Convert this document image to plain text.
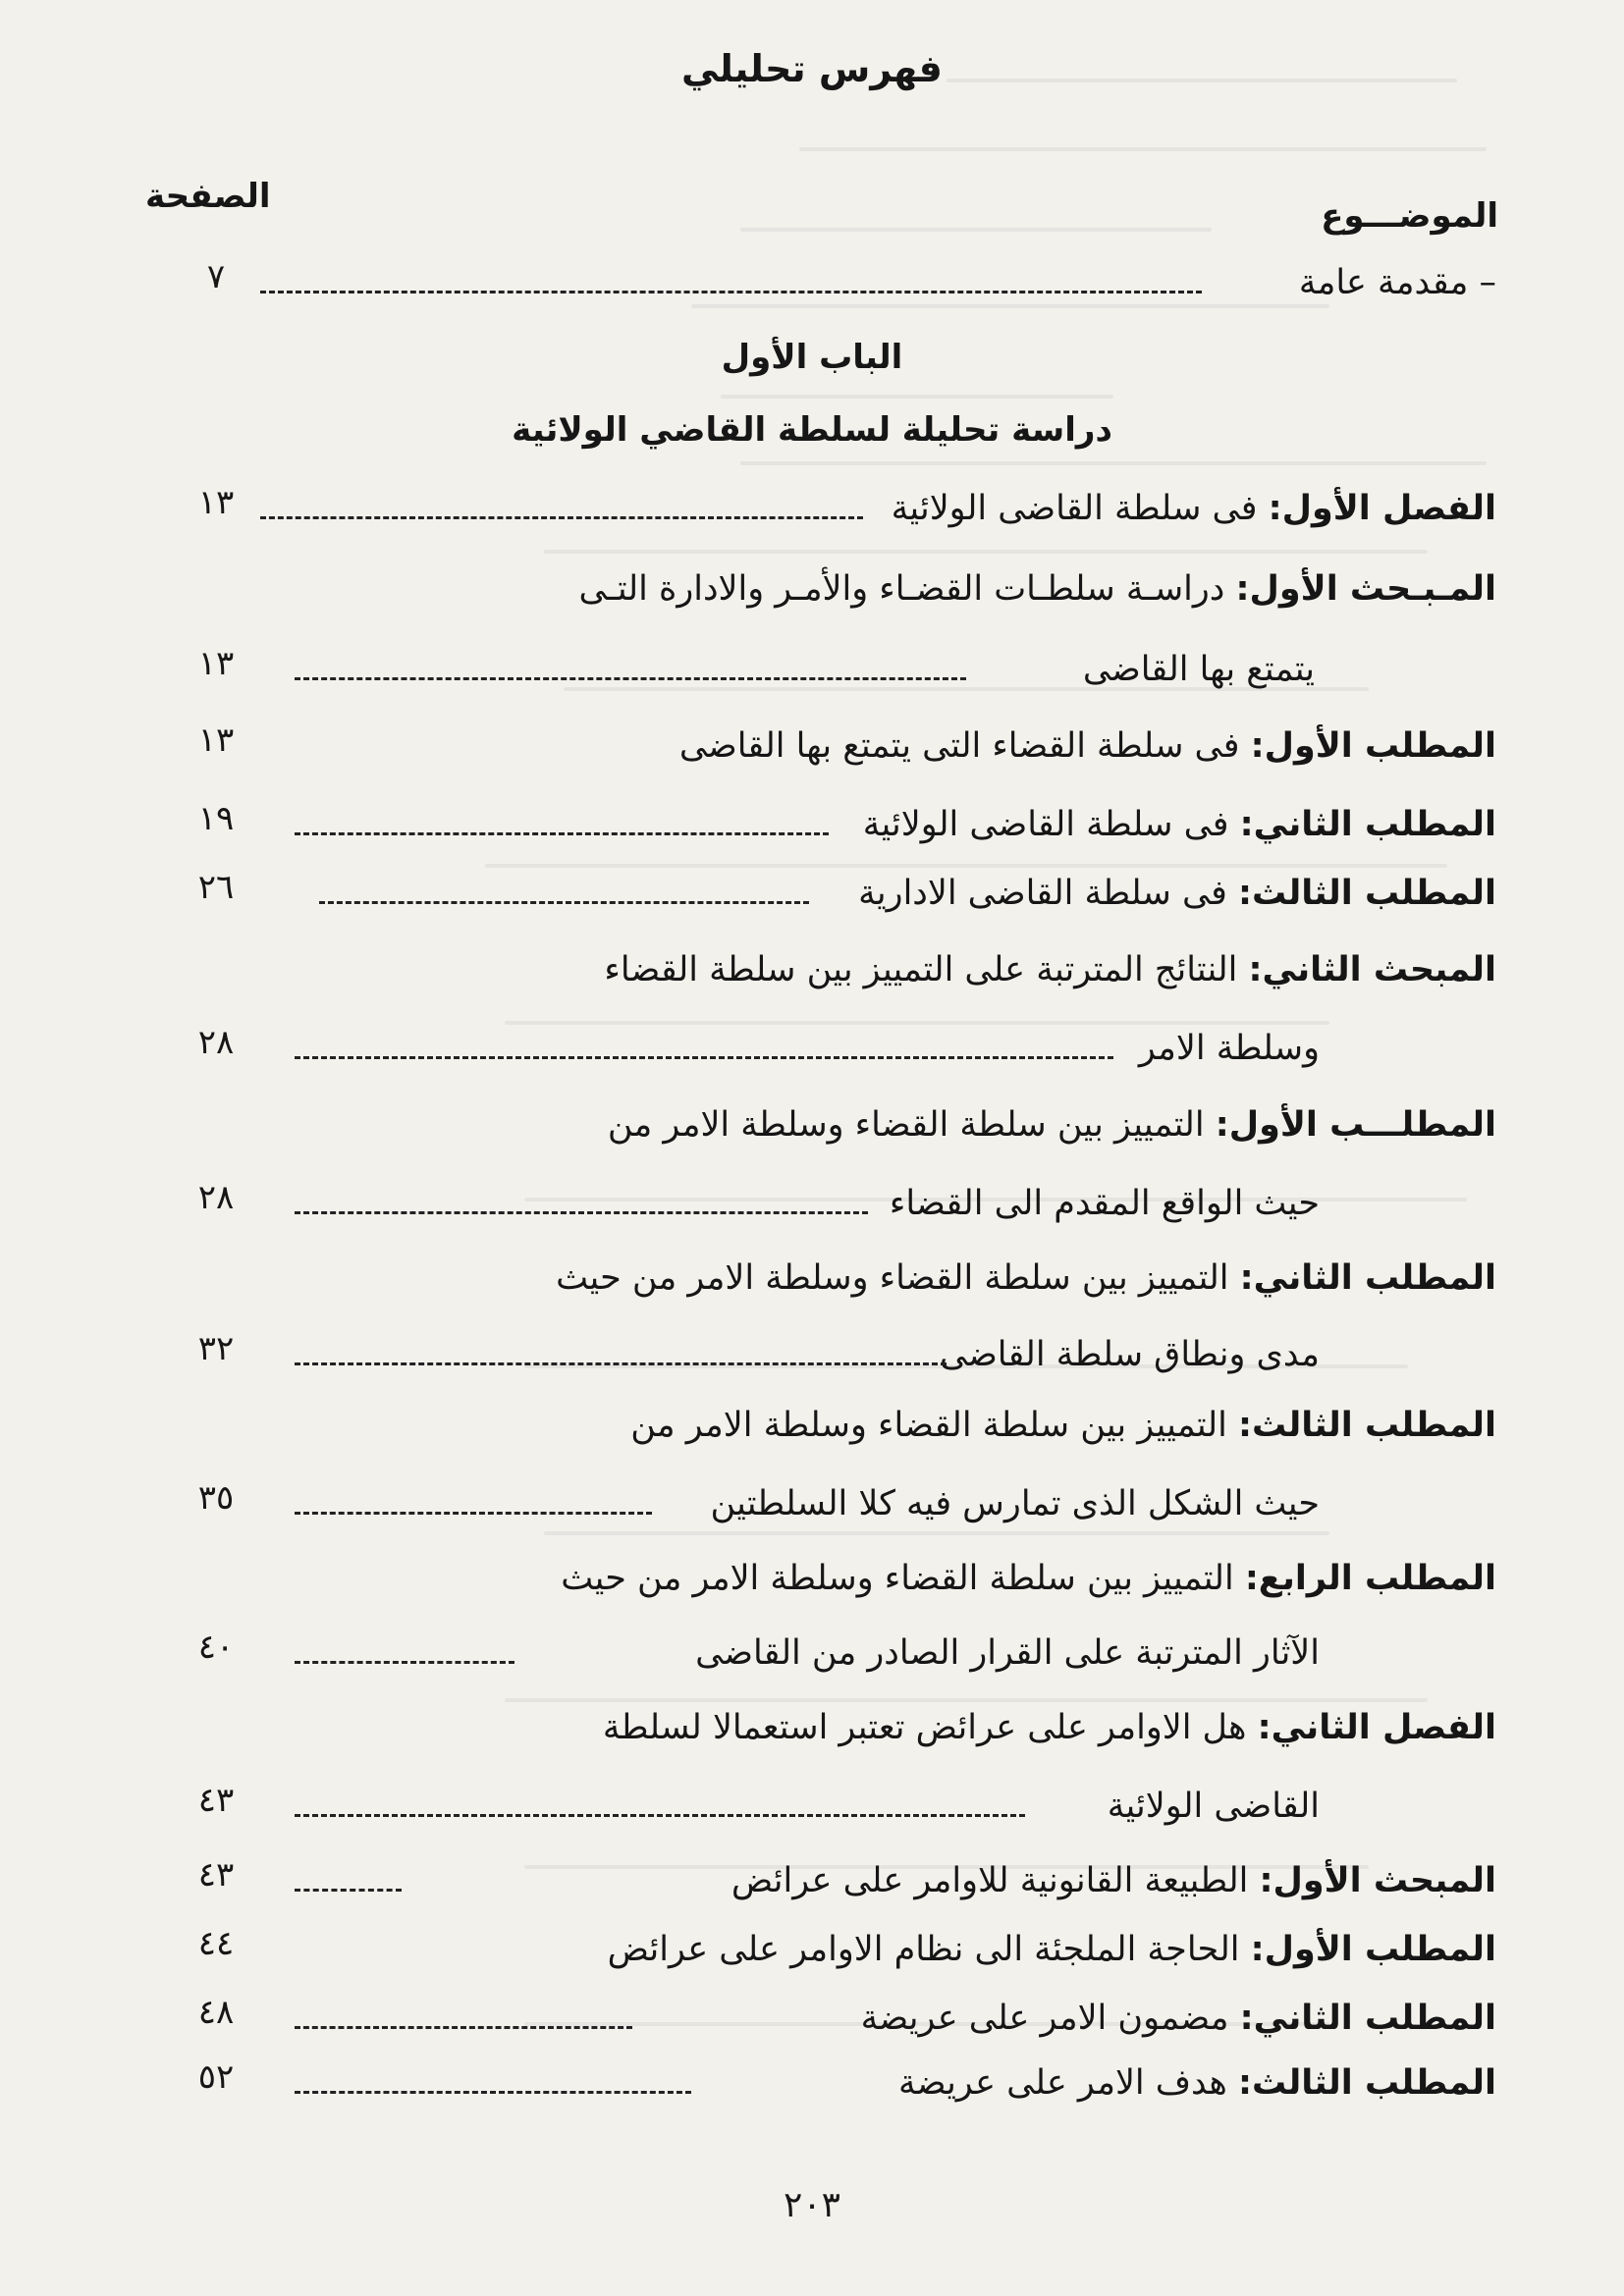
فهرس تحليلي
الموضـــوع
الصفحة
– مقدمة عامة
٧
الباب الأول
دراسة تحليلة لسلطة القاضي الولائية
الفصل الأول: فى سلطة القاضى الولائية
١٣
المـبـحث الأول: دراسـة سلطـات القضـاء والأمـر والادارة التـى
يتمتع بها القاضى
١٣
المطلب الأول: فى سلطة القضاء التى يتمتع بها القاضى
١٣
المطلب الثاني: فى سلطة القاضى الولائية
١٩
المطلب الثالث: فى سلطة القاضى الادارية
٢٦
المبحث الثاني: النتائج المترتبة على التمييز بين سلطة القضاء
وسلطة الامر
٢٨
المطلـــب الأول: التمييز بين سلطة القضاء وسلطة الامر من
حيث الواقع المقدم الى القضاء
٢٨
المطلب الثاني: التمييز بين سلطة القضاء وسلطة الامر من حيث
مدى ونطاق سلطة القاضى
٣٢
المطلب الثالث: التمييز بين سلطة القضاء وسلطة الامر من
حيث الشكل الذى تمارس فيه كلا السلطتين
٣٥
المطلب الرابع: التمييز بين سلطة القضاء وسلطة الامر من حيث
الآثار المترتبة على القرار الصادر من القاضى
٤٠
الفصل الثاني: هل الاوامر على عرائض تعتبر استعمالا لسلطة
القاضى الولائية
٤٣
المبحث الأول: الطبيعة القانونية للاوامر على عرائض
٤٣
المطلب الأول: الحاجة الملجئة الى نظام الاوامر على عرائض
٤٤
المطلب الثاني: مضمون الامر على عريضة
٤٨
المطلب الثالث: هدف الامر على عريضة
٥٢
٢٠٣
